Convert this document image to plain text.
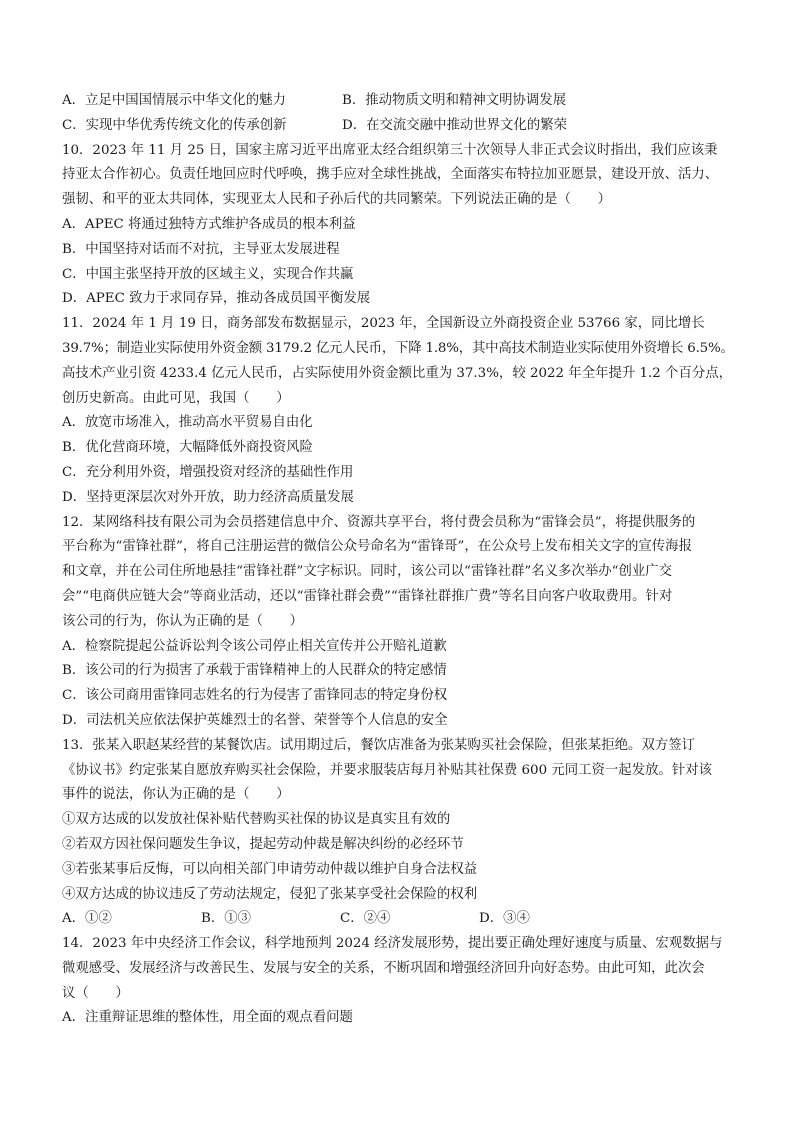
A．立足中国国情展示中华文化的魅力	B．推动物质文明和精神文明协调发展
C．实现中华优秀传统文化的传承创新	D．在交流交融中推动世界文化的繁荣
10．2023 年 11 月 25 日，国家主席习近平出席亚太经合组织第三十次领导人非正式会议时指出，我们应该秉
持亚太合作初心。负责任地回应时代呼唤，携手应对全球性挑战，全面落实布特拉加亚愿景，建设开放、活力、
强韧、和平的亚太共同体，实现亚太人民和子孙后代的共同繁荣。下列说法正确的是（　　）
A．APEC 将通过独特方式维护各成员的根本利益
B．中国坚持对话而不对抗，主导亚太发展进程
C．中国主张坚持开放的区域主义，实现合作共赢
D．APEC 致力于求同存异，推动各成员国平衡发展
11．2024 年 1 月 19 日，商务部发布数据显示，2023 年，全国新设立外商投资企业 53766 家，同比增长
39.7%；制造业实际使用外资金额 3179.2 亿元人民币，下降 1.8%，其中高技术制造业实际使用外资增长 6.5%。
高技术产业引资 4233.4 亿元人民币，占实际使用外资金额比重为 37.3%，较 2022 年全年提升 1.2 个百分点，
创历史新高。由此可见，我国（　　）
A．放宽市场准入，推动高水平贸易自由化
B．优化营商环境，大幅降低外商投资风险
C．充分利用外资，增强投资对经济的基础性作用
D．坚持更深层次对外开放，助力经济高质量发展
12．某网络科技有限公司为会员搭建信息中介、资源共享平台，将付费会员称为“雷锋会员”，将提供服务的
平台称为“雷锋社群”，将自己注册运营的微信公众号命名为“雷锋哥”，在公众号上发布相关文字的宣传海报
和文章，并在公司住所地悬挂“雷锋社群”文字标识。同时，该公司以“雷锋社群”名义多次举办“创业广交
会”“电商供应链大会”等商业活动，还以“雷锋社群会费”“雷锋社群推广费”等名目向客户收取费用。针对
该公司的行为，你认为正确的是（　　）
A．检察院提起公益诉讼判令该公司停止相关宣传并公开赔礼道歉
B．该公司的行为损害了承载于雷锋精神上的人民群众的特定感情
C．该公司商用雷锋同志姓名的行为侵害了雷锋同志的特定身份权
D．司法机关应依法保护英雄烈士的名誉、荣誉等个人信息的安全
13．张某入职赵某经营的某餐饮店。试用期过后，餐饮店准备为张某购买社会保险，但张某拒绝。双方签订
《协议书》约定张某自愿放弃购买社会保险，并要求服装店每月补贴其社保费 600 元同工资一起发放。针对该
事件的说法，你认为正确的是（　　）
①双方达成的以发放社保补贴代替购买社保的协议是真实且有效的
②若双方因社保问题发生争议，提起劳动仲裁是解决纠纷的必经环节
③若张某事后反悔，可以向相关部门申请劳动仲裁以维护自身合法权益
④双方达成的协议违反了劳动法规定，侵犯了张某享受社会保险的权利
A．①②	B．①③	C．②④	D．③④
14．2023 年中央经济工作会议，科学地预判 2024 经济发展形势，提出要正确处理好速度与质量、宏观数据与
微观感受、发展经济与改善民生、发展与安全的关系，不断巩固和增强经济回升向好态势。由此可知，此次会
议（　　）
A．注重辩证思维的整体性，用全面的观点看问题
